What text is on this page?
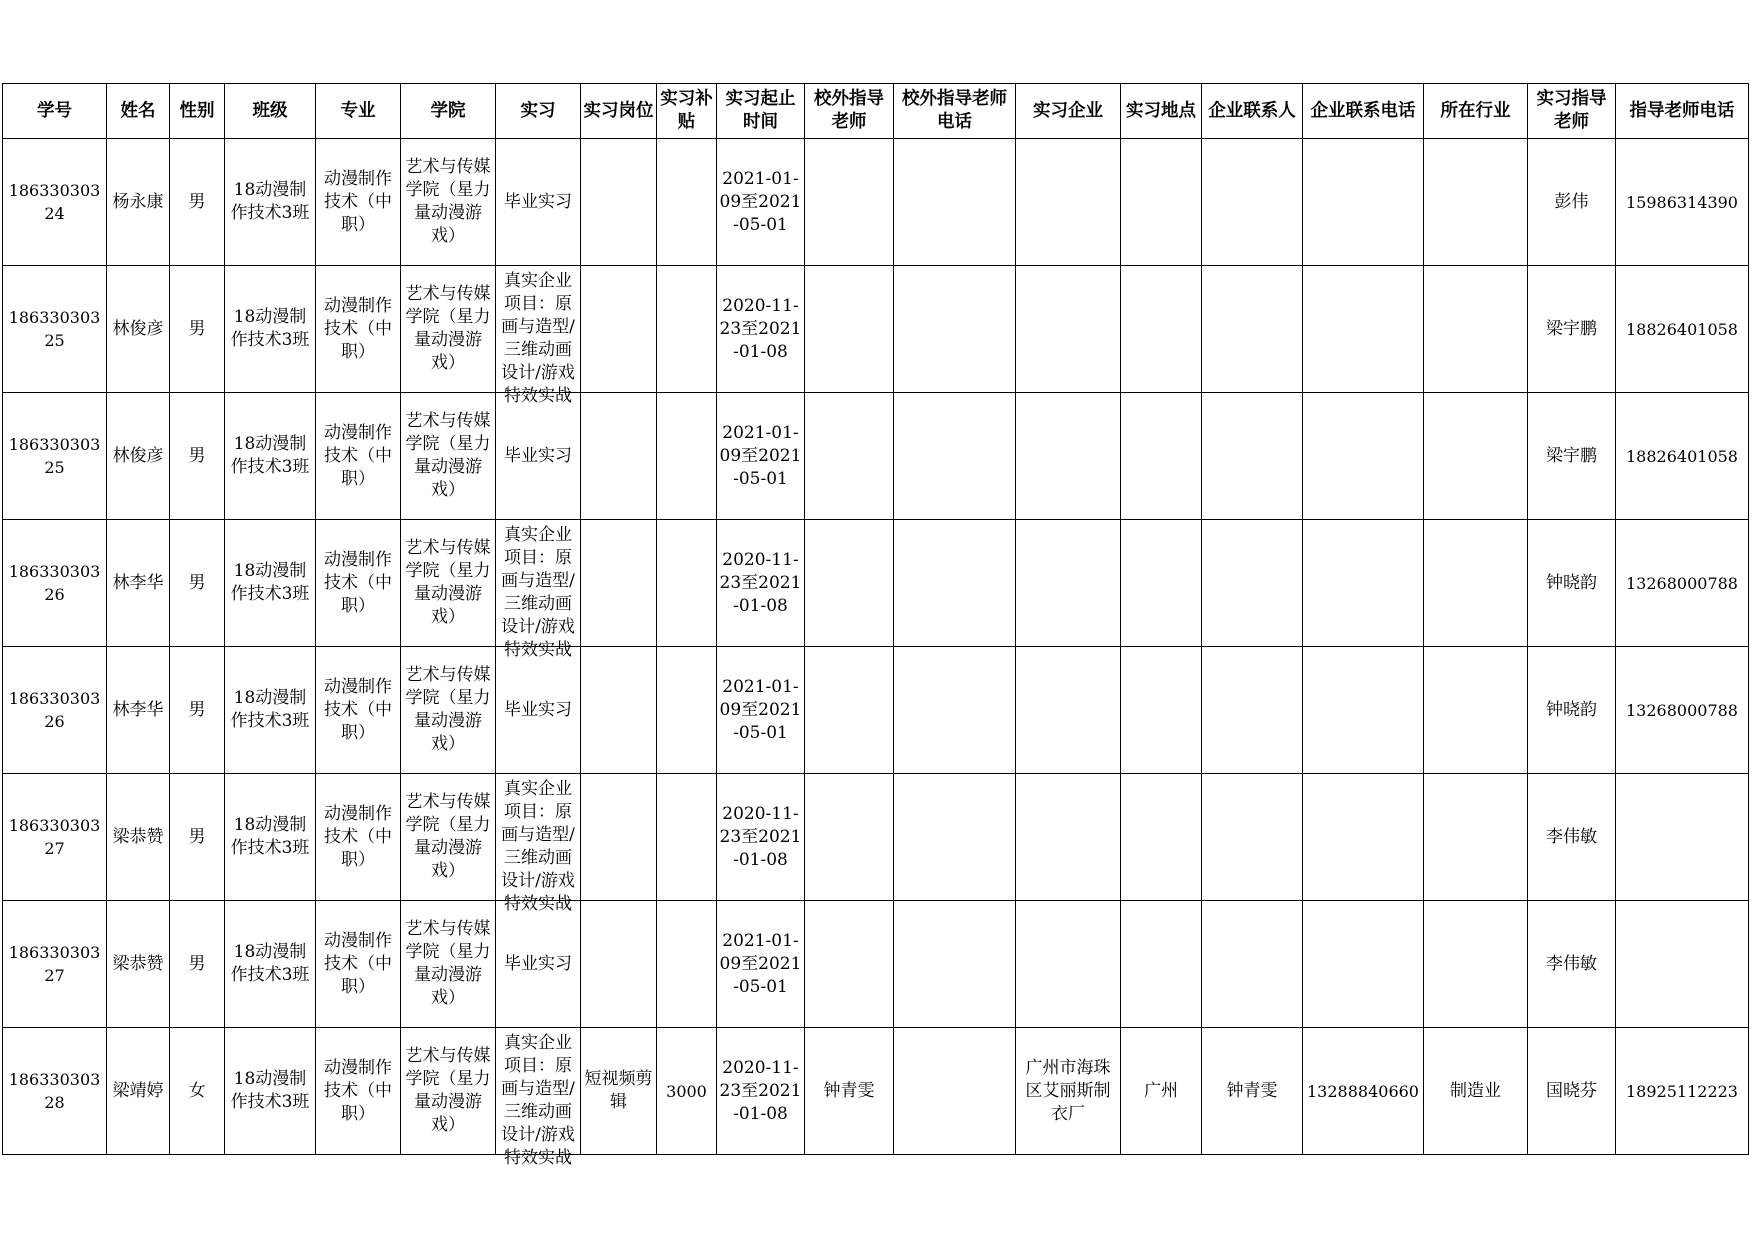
学号	姓名	性别	班级	专业	学院	实习	实习岗位	实习补贴	实习起止时间	校外指导老师	校外指导老师电话	实习企业	实习地点	企业联系人	企业联系电话	所在行业	实习指导老师	指导老师电话

18633030324	杨永康	男	18动漫制作技术3班	动漫制作技术（中职）	艺术与传媒学院（星力量动漫游戏）	毕业实习			2021-01-09至2021-05-01								彭伟	15986314390

18633030325	林俊彦	男	18动漫制作技术3班	动漫制作技术（中职）	艺术与传媒学院（星力量动漫游戏）	真实企业项目：原画与造型/三维动画设计/游戏特效实战			2020-11-23至2021-01-08								梁宇鹏	18826401058

18633030325	林俊彦	男	18动漫制作技术3班	动漫制作技术（中职）	艺术与传媒学院（星力量动漫游戏）	毕业实习			2021-01-09至2021-05-01								梁宇鹏	18826401058

18633030326	林李华	男	18动漫制作技术3班	动漫制作技术（中职）	艺术与传媒学院（星力量动漫游戏）	真实企业项目：原画与造型/三维动画设计/游戏特效实战			2020-11-23至2021-01-08								钟晓韵	13268000788

18633030326	林李华	男	18动漫制作技术3班	动漫制作技术（中职）	艺术与传媒学院（星力量动漫游戏）	毕业实习			2021-01-09至2021-05-01								钟晓韵	13268000788

18633030327	梁恭赞	男	18动漫制作技术3班	动漫制作技术（中职）	艺术与传媒学院（星力量动漫游戏）	真实企业项目：原画与造型/三维动画设计/游戏特效实战			2020-11-23至2021-01-08								李伟敏	

18633030327	梁恭赞	男	18动漫制作技术3班	动漫制作技术（中职）	艺术与传媒学院（星力量动漫游戏）	毕业实习			2021-01-09至2021-05-01								李伟敏	

18633030328	梁靖婷	女	18动漫制作技术3班	动漫制作技术（中职）	艺术与传媒学院（星力量动漫游戏）	真实企业项目：原画与造型/三维动画设计/游戏特效实战	短视频剪辑	3000	2020-11-23至2021-01-08	钟青雯		广州市海珠区艾丽斯制衣厂	广州	钟青雯	13288840660	制造业	国晓芬	18925112223
